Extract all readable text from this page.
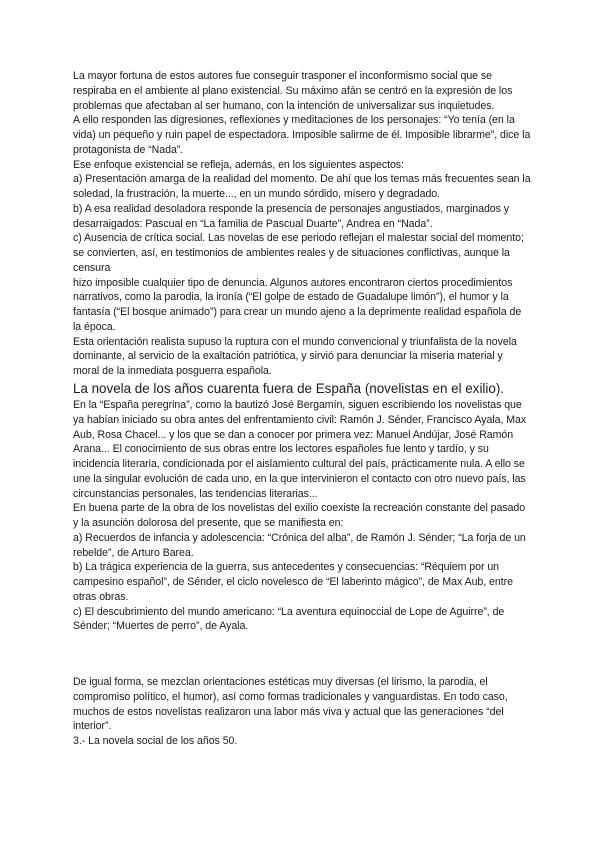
La mayor fortuna de estos autores fue conseguir trasponer el inconformismo social que se respiraba en el ambiente al plano existencial. Su máximo afán se centró en la expresión de los problemas que afectaban al ser humano, con la intención de universalizar sus inquietudes.

A ello responden las digresiones, reflexiones y meditaciones de los personajes: “Yo tenía (en la vida) un pequeño y ruin papel de espectadora. Imposible salirme de él. Imposible librarme”, dice la protagonista de “Nada”.

Ese enfoque existencial se refleja, además, en los siguientes aspectos:

a) Presentación amarga de la realidad del momento. De ahí que los temas más frecuentes sean la soledad, la frustración, la muerte..., en un mundo sórdido, mísero y degradado.

b) A esa realidad desoladora responde la presencia de personajes angustiados, marginados y desarraigados: Pascual en “La familia de Pascual Duarte”, Andrea en “Nada”.

c) Ausencia de crítica social. Las novelas de ese periodo reflejan el malestar social del momento; se convierten, así, en testimonios de ambientes reales y de situaciones conflictivas, aunque la censura

hizo imposible cualquier tipo de denuncia. Algunos autores encontraron ciertos procedimientos narrativos, como la parodia, la ironía (“El golpe de estado de Guadalupe limón”), el humor y la fantasía (“El bosque animado”) para crear un mundo ajeno a la deprimente realidad española de la época.

Esta orientación realista supuso la ruptura con el mundo convencional y triunfalista de la novela dominante, al servicio de la exaltación patriótica, y sirvió para denunciar la miseria material y moral de la inmediata posguerra española.

La novela de los años cuarenta fuera de España (novelistas en el exilio).

En la “España peregrina”, como la bautizó José Bergamín, siguen escribiendo los novelistas que ya habían iniciado su obra antes del enfrentamiento civil: Ramón J. Sénder, Francisco Ayala, Max Aub, Rosa Chacel... y los que se dan a conocer por primera vez: Manuel Andújar, José Ramón Arana... El conocimiento de sus obras entre los lectores españoles fue lento y tardío, y su incidencia literaria, condicionada por el aislamiento cultural del país, prácticamente nula. A ello se une la singular evolución de cada uno, en la que intervinieron el contacto con otro nuevo país, las circunstancias personales, las tendencias literarias...

En buena parte de la obra de los novelistas del exilio coexiste la recreación constante del pasado y la asunción dolorosa del presente, que se manifiesta en:

a) Recuerdos de infancia y adolescencia: “Crónica del alba”, de Ramón J. Sénder; “La forja de un rebelde”, de Arturo Barea.

b) La trágica experiencia de la guerra, sus antecedentes y consecuencias: “Réquiem por un campesino español”, de Sénder, el ciclo novelesco de “El laberinto mágico”, de Max Aub, entre otras obras.

c) El descubrimiento del mundo americano: “La aventura equinoccial de Lope de Aguirre”, de Sénder; “Muertes de perro”, de Ayala.

De igual forma, se mezclan orientaciones estéticas muy diversas (el lirismo, la parodia, el compromiso político, el humor), así como formas tradicionales y vanguardistas. En todo caso, muchos de estos novelistas realizaron una labor más viva y actual que las generaciones “del interior”.

3.- La novela social de los años 50.
